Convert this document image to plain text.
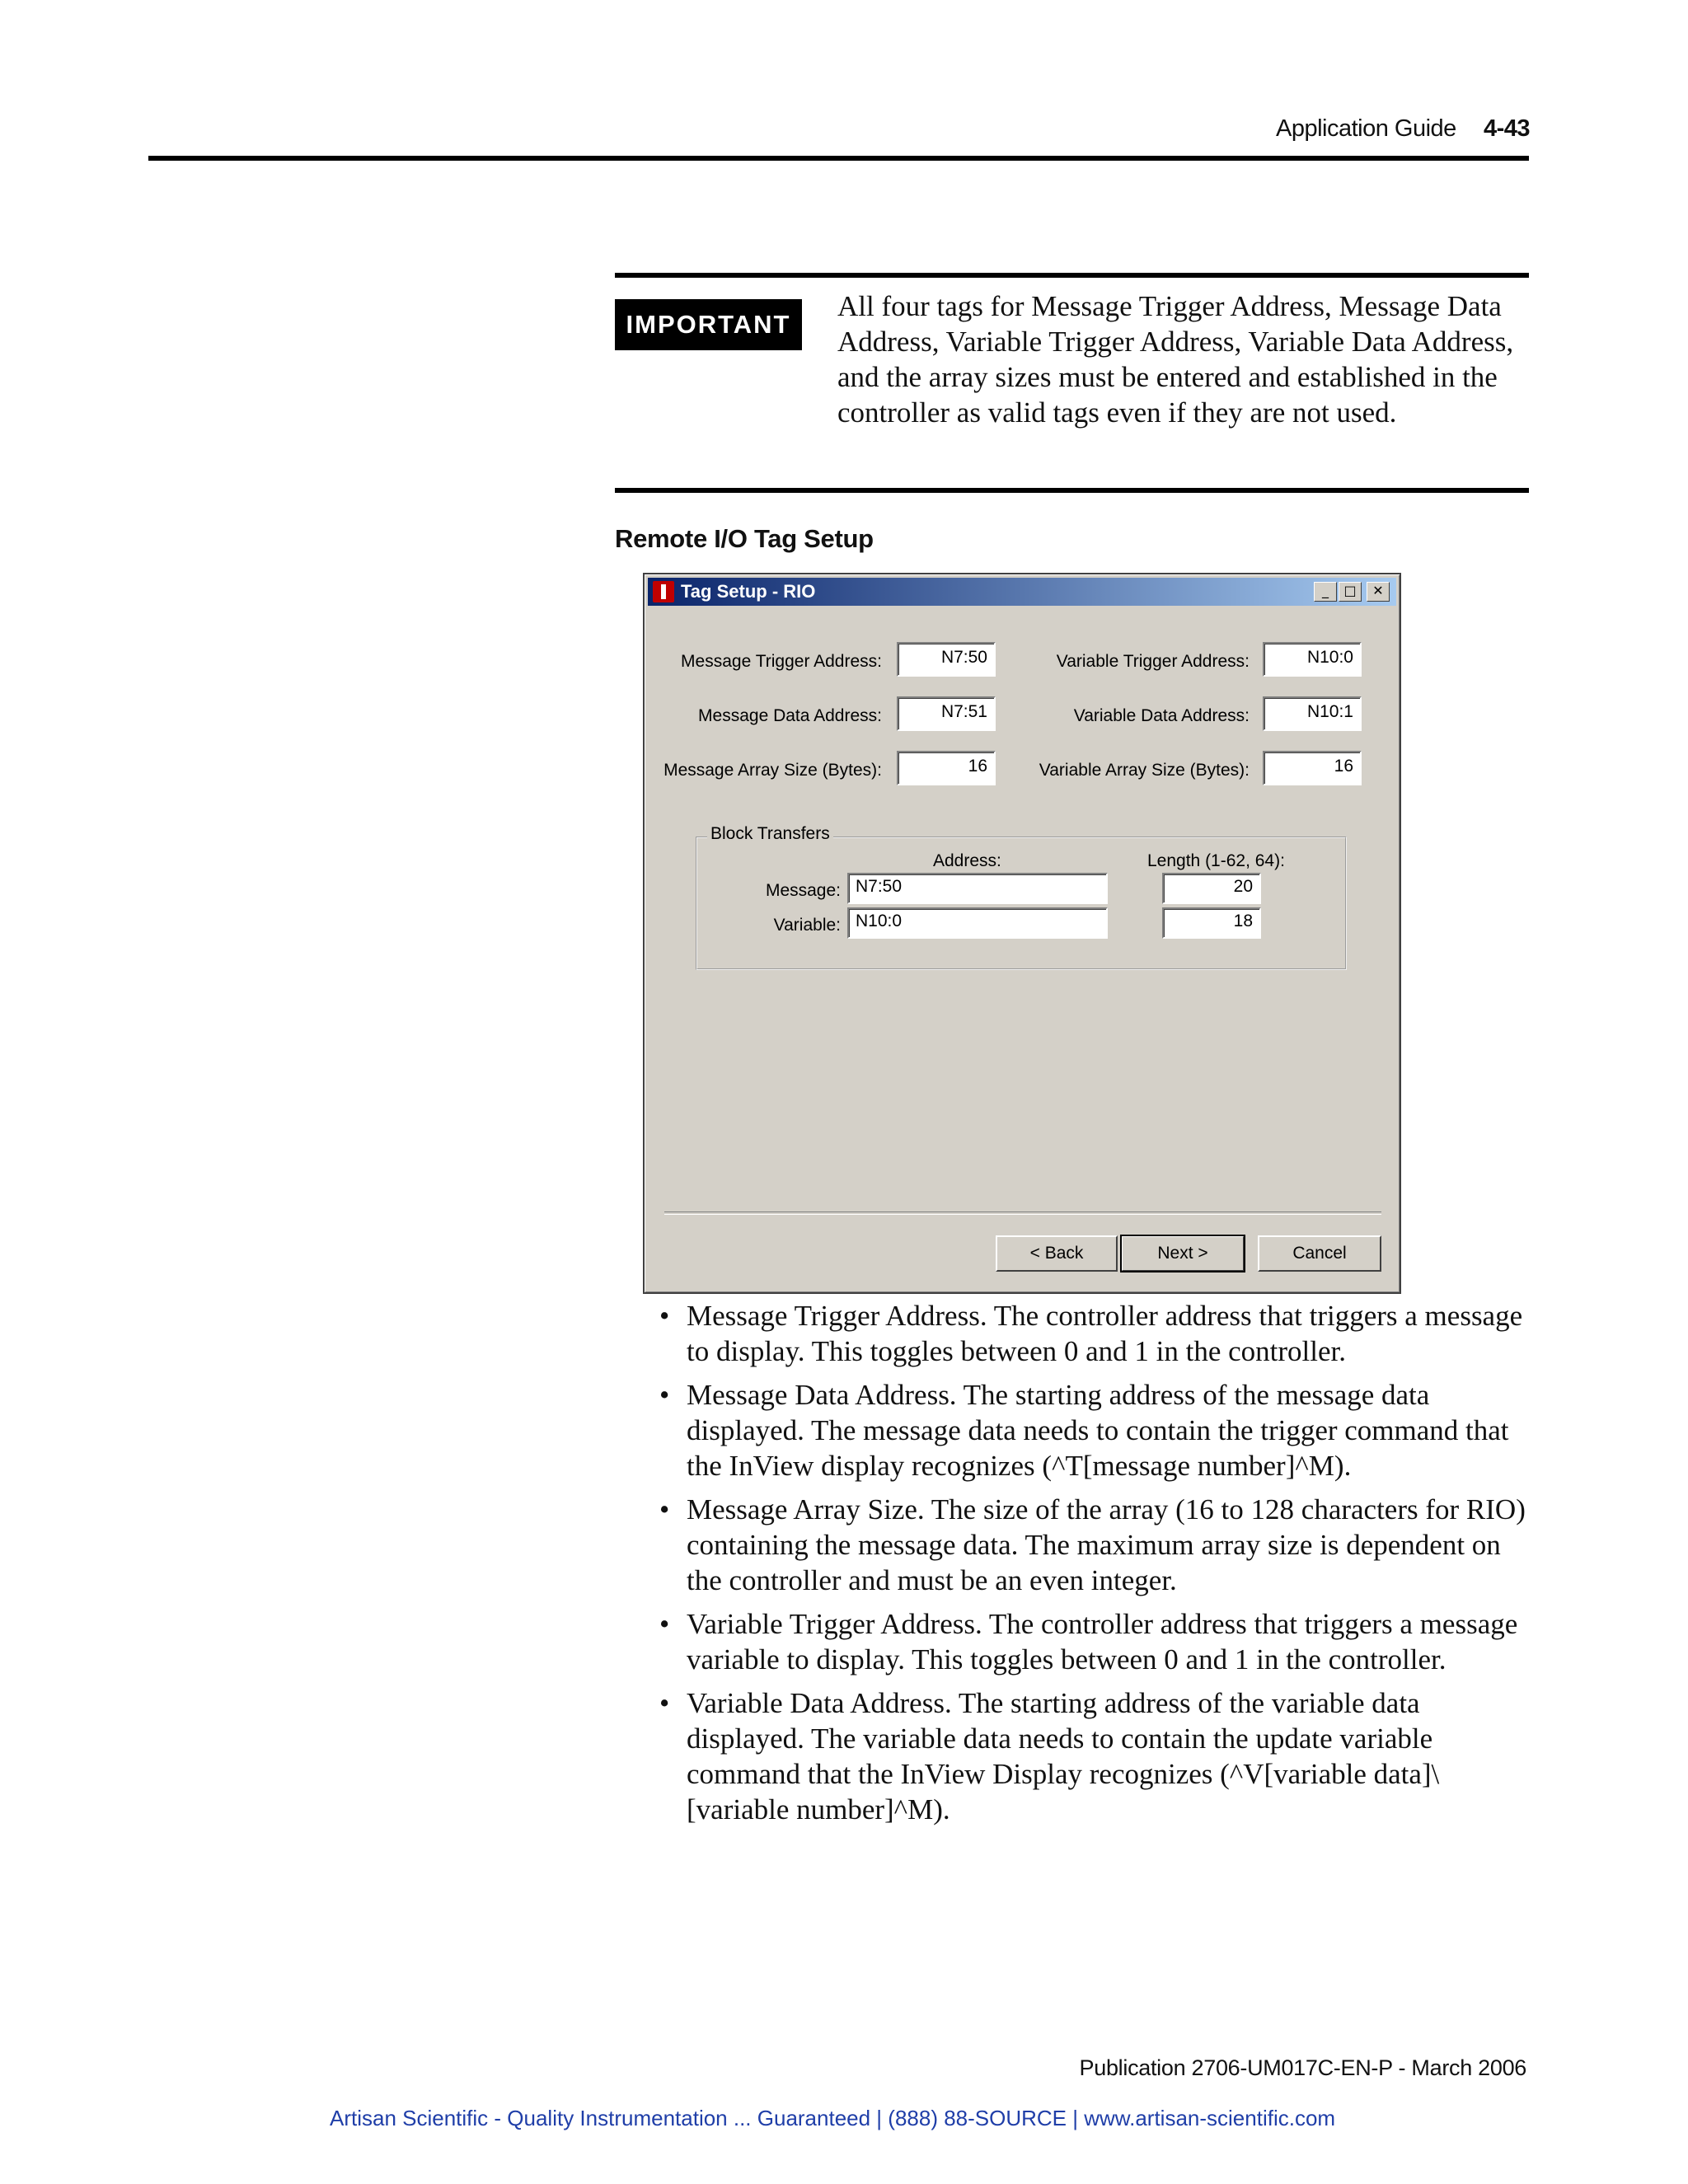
Application Guide 4-43
IMPORTANT
All four tags for Message Trigger Address, Message Data Address, Variable Trigger Address, Variable Data Address, and the array sizes must be entered and established in the controller as valid tags even if they are not used.
Remote I/O Tag Setup
Tag Setup - RIO	_	□	✕
Message Trigger Address:	N7:50
Message Data Address:	N7:51
Message Array Size (Bytes):	16
Variable Trigger Address:	N10:0
Variable Data Address:	N10:1
Variable Array Size (Bytes):	16
Block Transfers
Address:	Length (1-62, 64):
Message: N7:50	20
Variable: N10:0	18
< Back	Next >	Cancel
• Message Trigger Address. The controller address that triggers a message to display. This toggles between 0 and 1 in the controller.
• Message Data Address. The starting address of the message data displayed. The message data needs to contain the trigger command that the InView display recognizes (^T[message number]^M).
• Message Array Size. The size of the array (16 to 128 characters for RIO) containing the message data. The maximum array size is dependent on the controller and must be an even integer.
• Variable Trigger Address. The controller address that triggers a message variable to display. This toggles between 0 and 1 in the controller.
• Variable Data Address. The starting address of the variable data displayed. The variable data needs to contain the update variable command that the InView Display recognizes (^V[variable data]\[variable number]^M).
Publication 2706-UM017C-EN-P - March 2006
Artisan Scientific - Quality Instrumentation ... Guaranteed | (888) 88-SOURCE | www.artisan-scientific.com
